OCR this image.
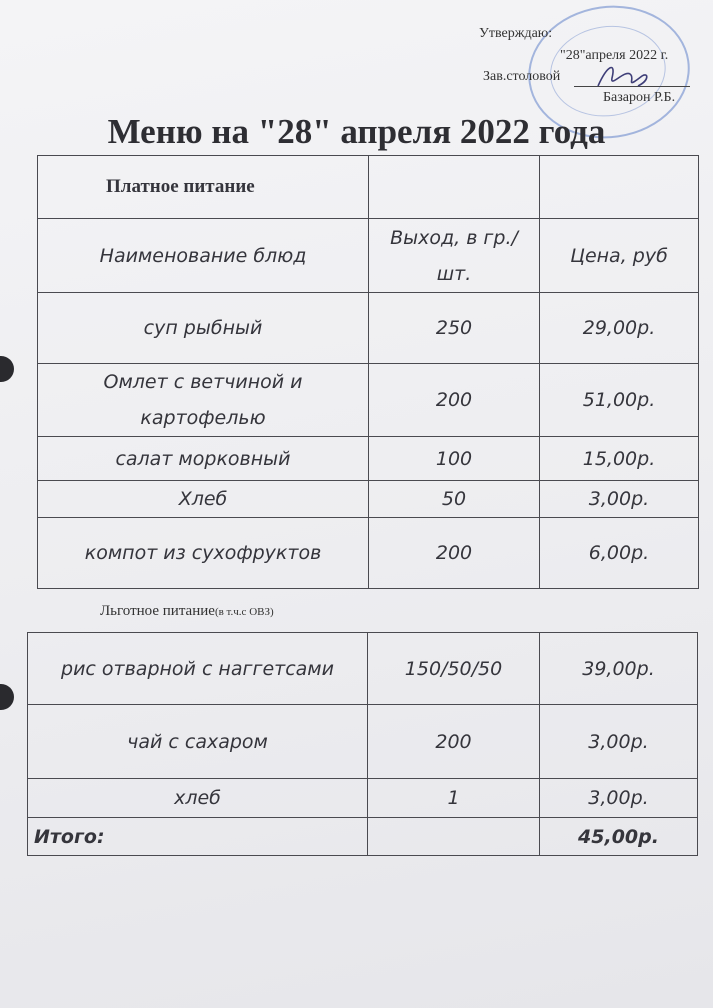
Утверждаю:
"28"апреля 2022 г.
Зав.столовой
Базарон Р.Б.
Меню на "28" апреля 2022 года
Платное питание		
Наименование блюд	Выход, в гр./шт.	Цена, руб
суп рыбный	250	29,00р.
Омлет с ветчиной и картофелью	200	51,00р.
салат морковный	100	15,00р.
Хлеб	50	3,00р.
компот из сухофруктов	200	6,00р.
Льготное питание(в т.ч.с ОВЗ)
рис отварной с наггетсами	150/50/50	39,00р.
чай с сахаром	200	3,00р.
хлеб	1	3,00р.
Итого:		45,00р.
